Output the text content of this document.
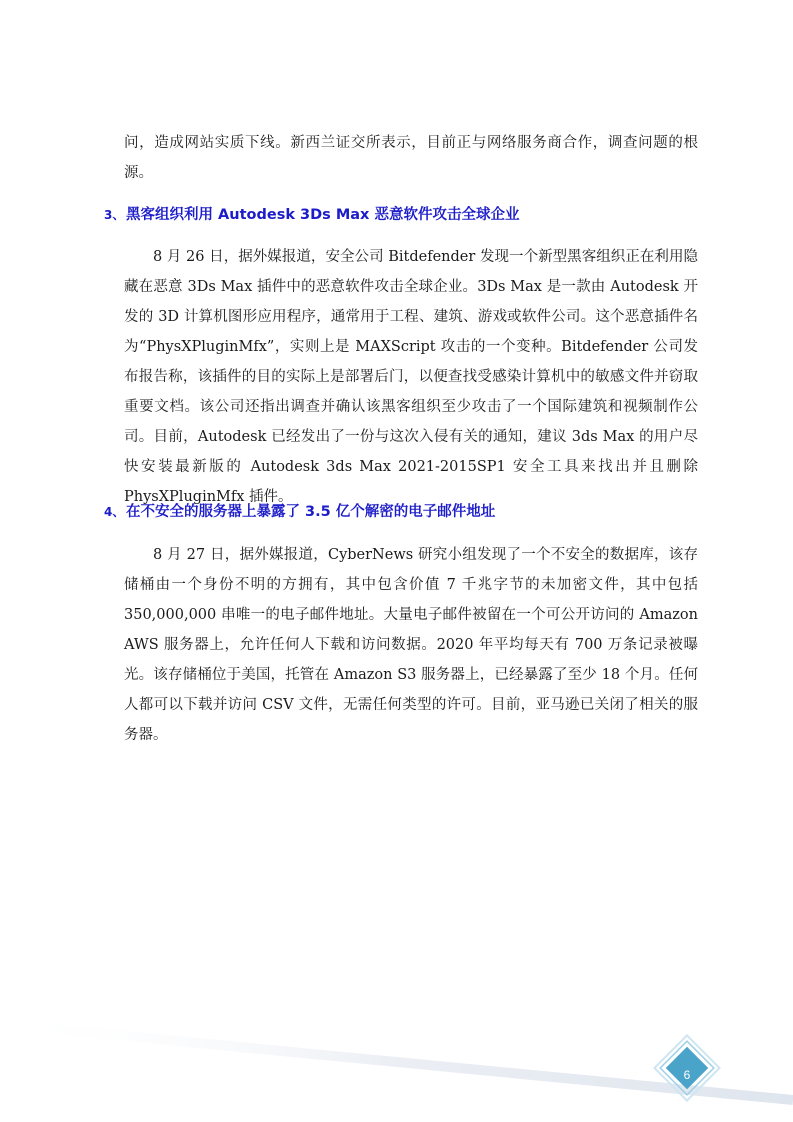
问，造成网站实质下线。新西兰证交所表示，目前正与网络服务商合作，调查问题的根源。

3、 黑客组织利用 Autodesk 3Ds Max 恶意软件攻击全球企业

8 月 26 日，据外媒报道，安全公司 Bitdefender 发现一个新型黑客组织正在利用隐藏在恶意 3Ds Max 插件中的恶意软件攻击全球企业。3Ds Max 是一款由 Autodesk 开发的 3D 计算机图形应用程序，通常用于工程、建筑、游戏或软件公司。这个恶意插件名为“PhysXPluginMfx”，实则上是 MAXScript 攻击的一个变种。Bitdefender 公司发布报告称，该插件的目的实际上是部署后门，以便查找受感染计算机中的敏感文件并窃取重要文档。该公司还指出调查并确认该黑客组织至少攻击了一个国际建筑和视频制作公司。目前，Autodesk 已经发出了一份与这次入侵有关的通知，建议 3ds Max 的用户尽快安装最新版的 Autodesk 3ds Max 2021-2015SP1 安全工具来找出并且删除 PhysXPluginMfx 插件。

4、 在不安全的服务器上暴露了 3.5 亿个解密的电子邮件地址

8 月 27 日，据外媒报道，CyberNews 研究小组发现了一个不安全的数据库，该存储桶由一个身份不明的方拥有，其中包含价值 7 千兆字节的未加密文件，其中包括 350,000,000 串唯一的电子邮件地址。大量电子邮件被留在一个可公开访问的 Amazon AWS 服务器上，允许任何人下载和访问数据。2020 年平均每天有 700 万条记录被曝光。该存储桶位于美国，托管在 Amazon S3 服务器上，已经暴露了至少 18 个月。任何人都可以下载并访问 CSV 文件，无需任何类型的许可。目前，亚马逊已关闭了相关的服务器。

6
